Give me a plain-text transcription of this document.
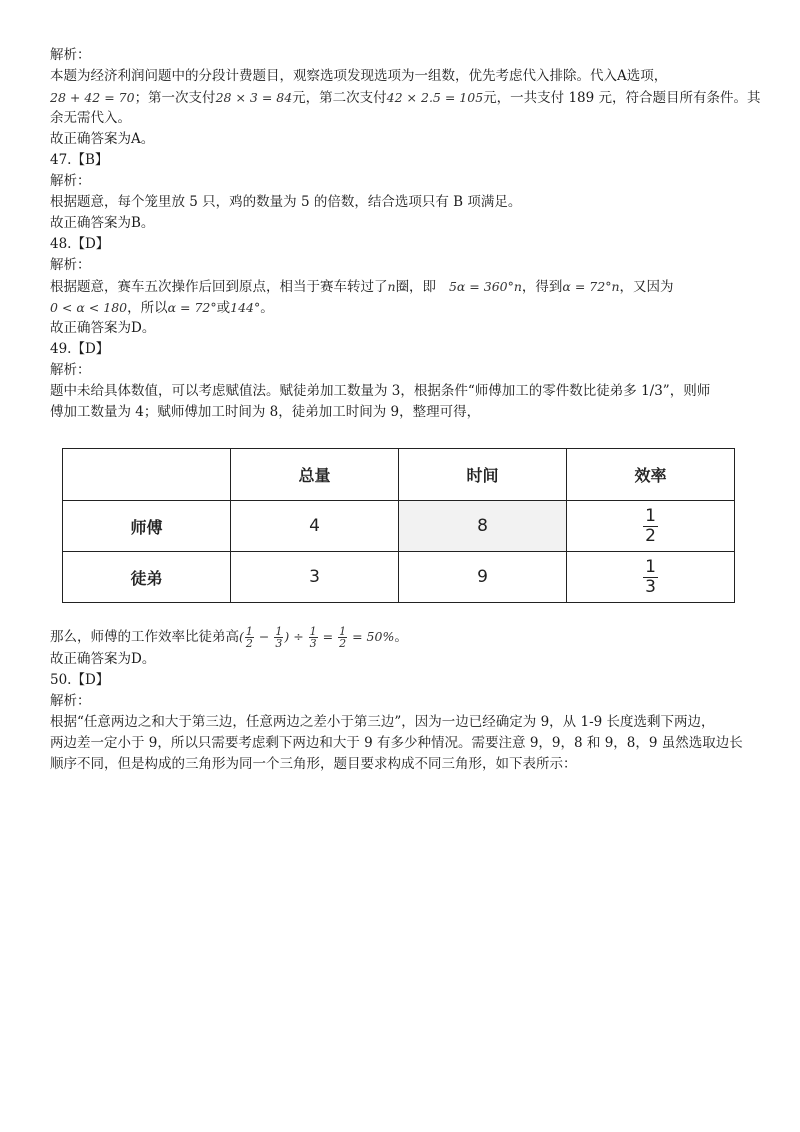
解析：
本题为经济利润问题中的分段计费题目，观察选项发现选项为一组数，优先考虑代入排除。代入A选项，
28 + 42 = 70；第一次支付28 × 3 = 84元，第二次支付42 × 2.5 = 105元，一共支付 189 元，符合题目所有条件。其
余无需代入。
故正确答案为A。
47.【B】
解析：
根据题意，每个笼里放 5 只，鸡的数量为 5 的倍数，结合选项只有 B 项满足。
故正确答案为B。
48.【D】
解析：
根据题意，赛车五次操作后回到原点，相当于赛车转过了n圈，即 5α = 360°n，得到α = 72°n，又因为
0 < α < 180，所以α = 72°或144°。
故正确答案为D。
49.【D】
解析：
题中未给具体数值，可以考虑赋值法。赋徒弟加工数量为 3，根据条件“师傅加工的零件数比徒弟多 1/3”，则师
傅加工数量为 4；赋师傅加工时间为 8，徒弟加工时间为 9，整理可得，
	总量	时间	效率
师傅	4	8	$\frac{1}{2}$

徒弟	3	9	$\frac{1}{3}$
那么，师傅的工作效率比徒弟高( $\frac{1}{2} - \frac{1}{3}$ ) ÷ $\frac{1}{3} = \frac{1}{2} = 50\%$。
故正确答案为D。
50.【D】
解析：
根据“任意两边之和大于第三边，任意两边之差小于第三边”，因为一边已经确定为 9，从 1-9 长度选剩下两边，
两边差一定小于 9，所以只需要考虑剩下两边和大于 9 有多少种情况。需要注意 9，9，8 和 9，8，9 虽然选取边长
顺序不同，但是构成的三角形为同一个三角形，题目要求构成不同三角形，如下表所示：
